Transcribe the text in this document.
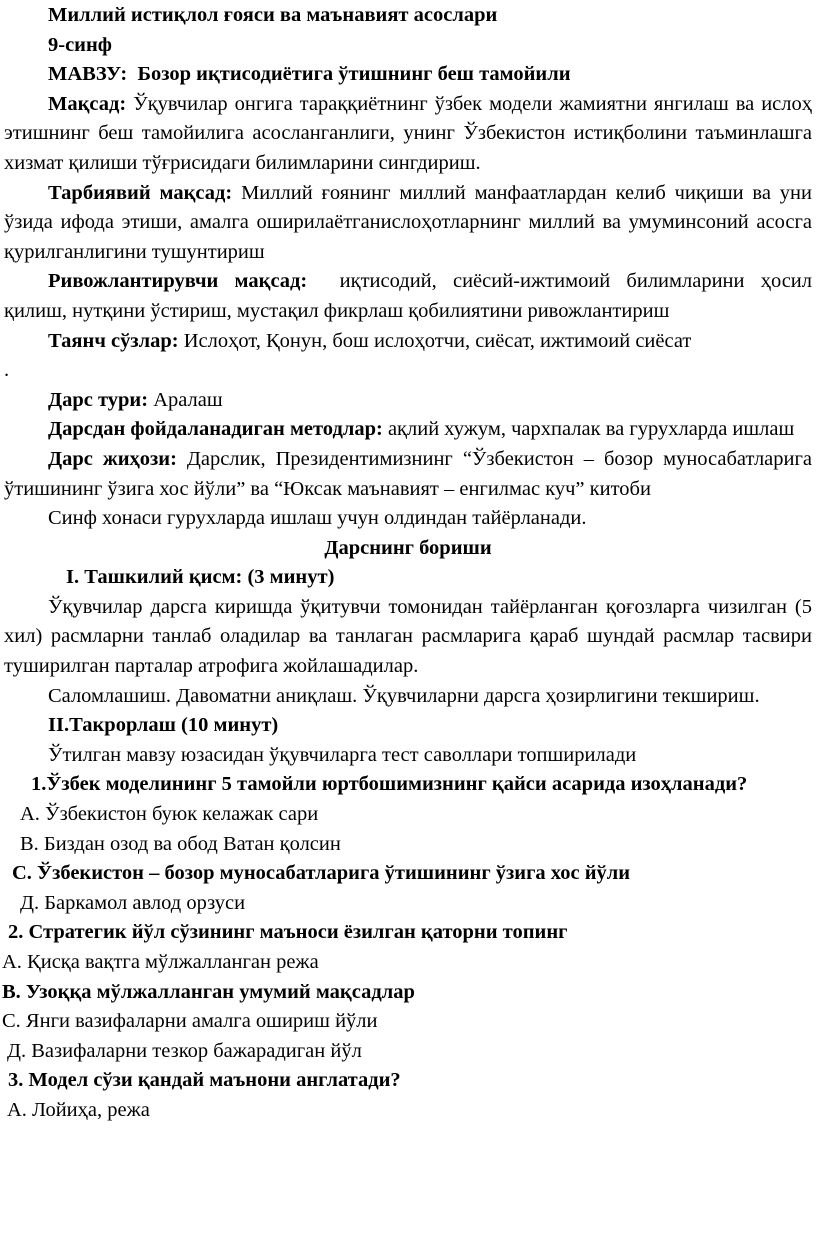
Миллий истиқлол ғояси ва маънавият асослари

9-синф

МАВЗУ: Бозор иқтисодиётига ўтишнинг беш тамойили

Мақсад: Ўқувчилар онгига тараққиётнинг ўзбек модели жамиятни янгилаш ва ислоҳ этишнинг беш тамойилига асосланганлиги, унинг Ўзбекистон истиқболини таъминлашга хизмат қилиши тўғрисидаги билимларини сингдириш.

Тарбиявий мақсад: Миллий ғоянинг миллий манфаатлардан келиб чиқиши ва уни ўзида ифода этиши, амалга оширилаётганислоҳотларнинг миллий ва умуминсоний асосга қурилганлигини тушунтириш

Ривожлантирувчи мақсад: иқтисодий, сиёсий-ижтимоий билимларини ҳосил қилиш, нутқини ўстириш, мустақил фикрлаш қобилиятини ривожлантириш

Таянч сўзлар: Ислоҳот, Қонун, бош ислоҳотчи, сиёсат, ижтимоий сиёсат

.

Дарс тури: Аралаш

Дарсдан фойдаланадиган методлар: ақлий хужум, чархпалак ва гурухларда ишлаш

Дарс жиҳози: Дарслик, Президентимизнинг “Ўзбекистон – бозор муносабатларига ўтишининг ўзига хос йўли” ва “Юксак маънавият – енгилмас куч” китоби

Синф хонаси гурухларда ишлаш учун олдиндан тайёрланади.

Дарснинг бориши

I. Ташкилий қисм: (3 минут)

Ўқувчилар дарсга киришда ўқитувчи томонидан тайёрланган қоғозларга чизилган (5 хил) расмларни танлаб оладилар ва танлаган расмларига қараб шундай расмлар тасвири туширилган парталар атрофига жойлашадилар.

Саломлашиш. Давоматни аниқлаш. Ўқувчиларни дарсга ҳозирлигини текшириш.

II.Такрорлаш (10 минут)

Ўтилган мавзу юзасидан ўқувчиларга тест саволлари топширилади

1.Ўзбек моделининг 5 тамойли юртбошимизнинг қайси асарида изоҳланади?

А. Ўзбекистон буюк келажак сари

В. Биздан озод ва обод Ватан қолсин

С. Ўзбекистон – бозор муносабатларига ўтишининг ўзига хос йўли

Д. Баркамол авлод орзуси

2. Стратегик йўл сўзининг маъноси ёзилган қаторни топинг

А. Қисқа вақтга мўлжалланган режа

В. Узоққа мўлжалланган умумий мақсадлар

С. Янги вазифаларни амалга ошириш йўли

Д. Вазифаларни тезкор бажарадиган йўл

3. Модел сўзи қандай маънони англатади?

А. Лойиҳа, режа
